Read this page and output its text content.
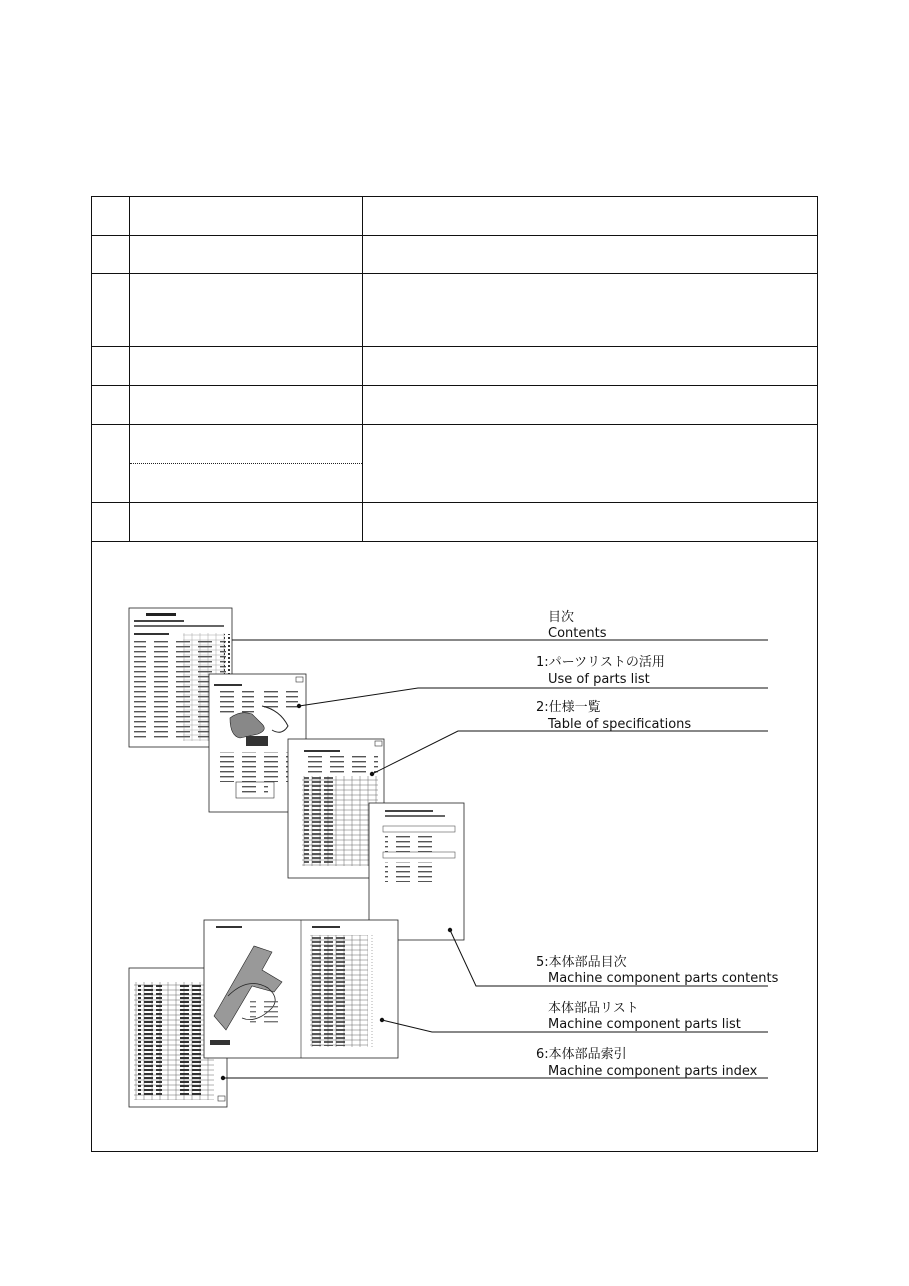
目次
Contents
1:パーツリストの活用
Use of parts list
2:仕様一覧
Table of specifications
5:本体部品目次
Machine component parts contents
本体部品リスト
Machine component parts list
6:本体部品索引
Machine component parts index
